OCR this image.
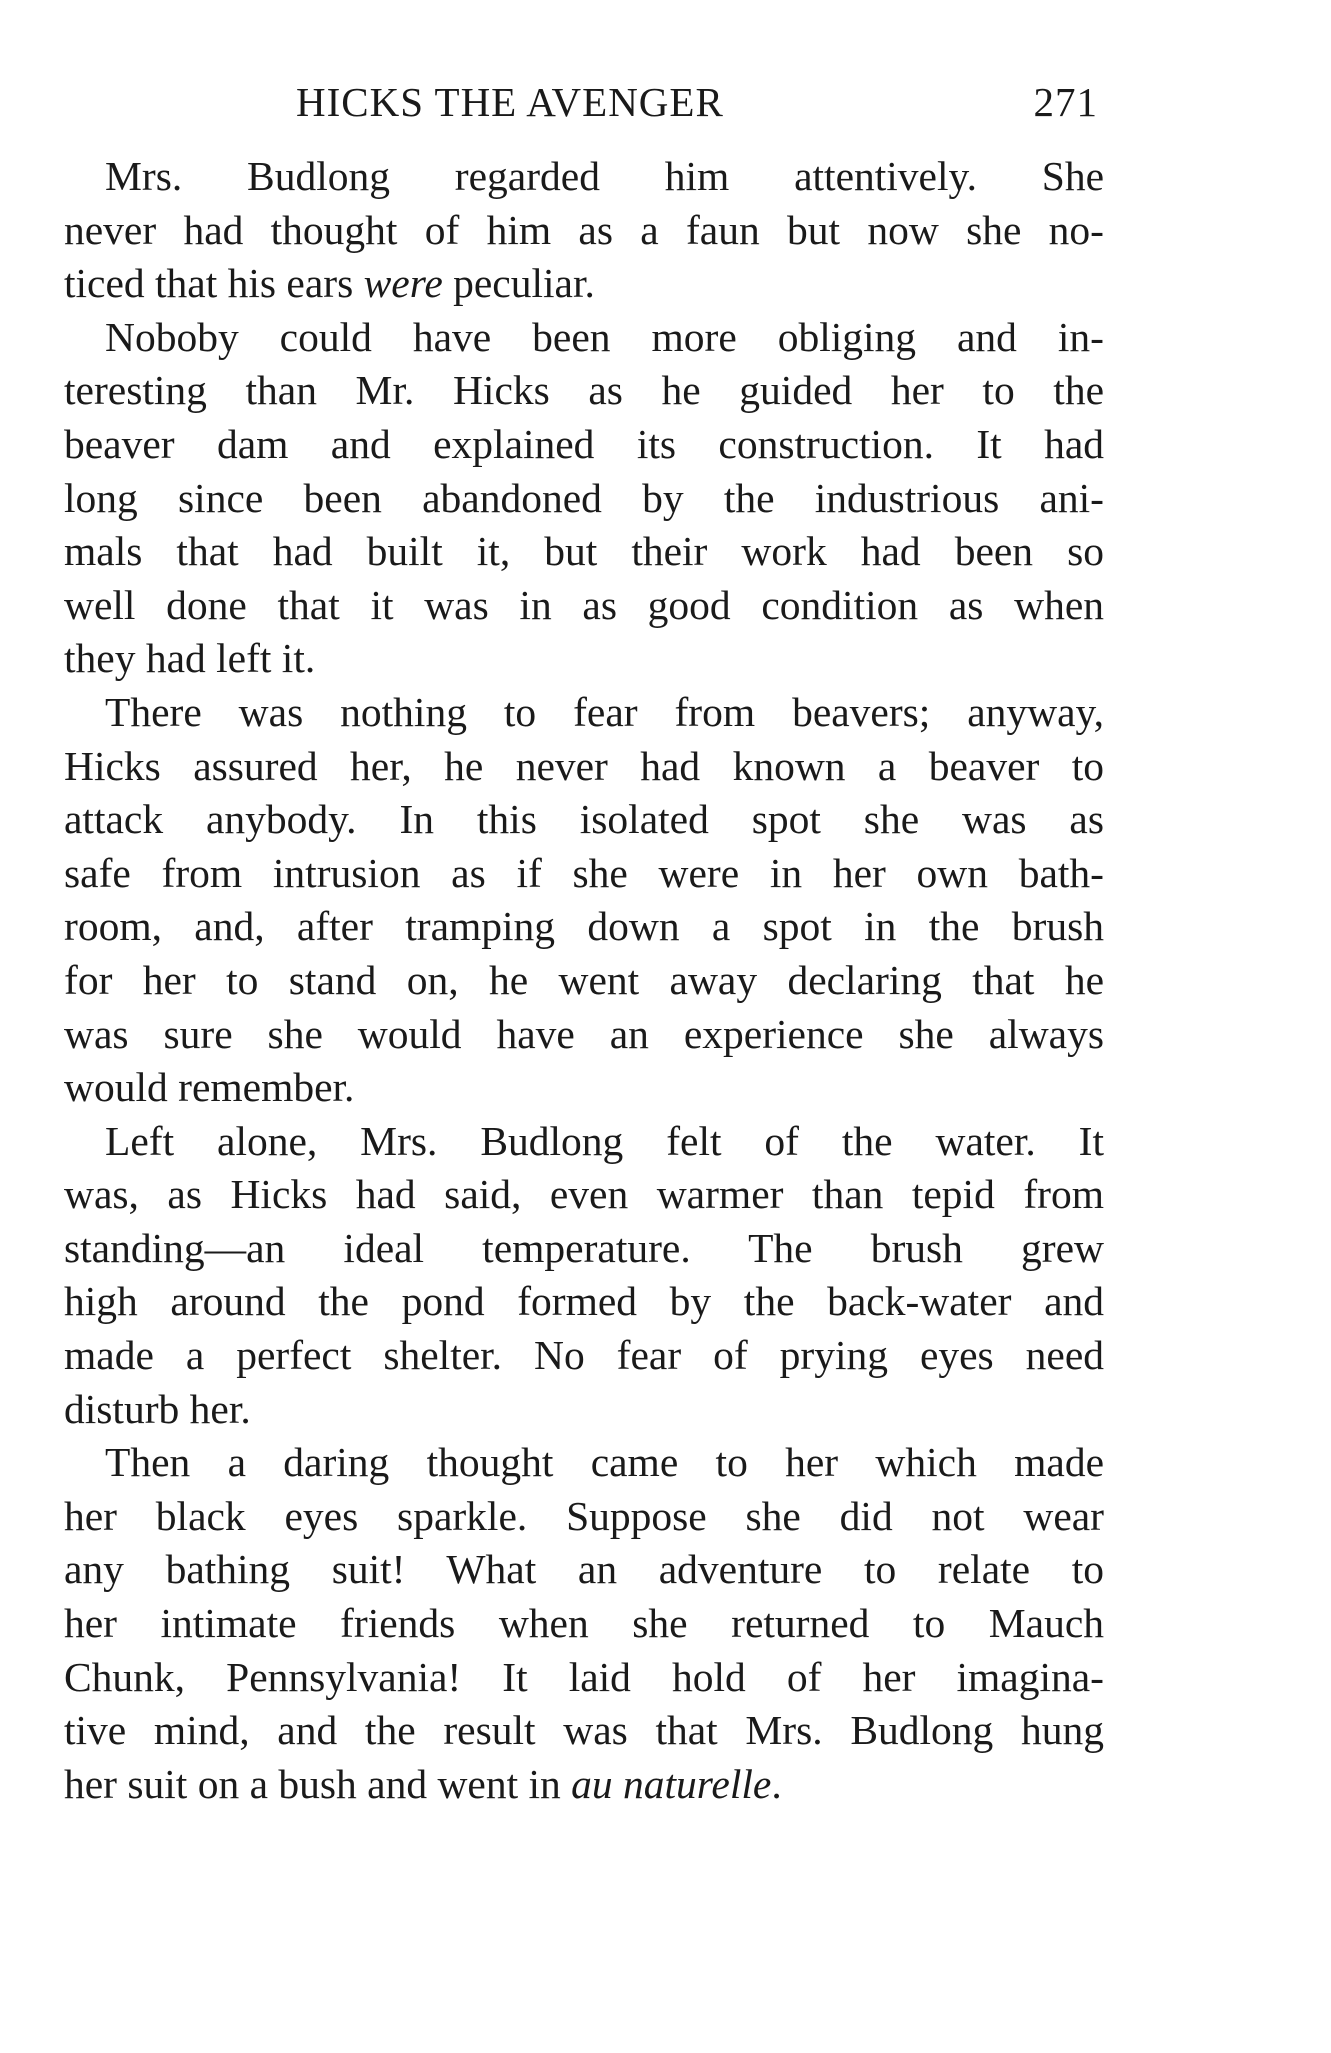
HICKS THE AVENGER	271
Mrs. Budlong regarded him attentively. She
never had thought of him as a faun but now she no-
ticed that his ears were peculiar.
Noboby could have been more obliging and in-
teresting than Mr. Hicks as he guided her to the
beaver dam and explained its construction. It had
long since been abandoned by the industrious ani-
mals that had built it, but their work had been so
well done that it was in as good condition as when
they had left it.
There was nothing to fear from beavers; anyway,
Hicks assured her, he never had known a beaver to
attack anybody. In this isolated spot she was as
safe from intrusion as if she were in her own bath-
room, and, after tramping down a spot in the brush
for her to stand on, he went away declaring that he
was sure she would have an experience she always
would remember.
Left alone, Mrs. Budlong felt of the water. It
was, as Hicks had said, even warmer than tepid from
standing—an ideal temperature. The brush grew
high around the pond formed by the back-water and
made a perfect shelter. No fear of prying eyes need
disturb her.
Then a daring thought came to her which made
her black eyes sparkle. Suppose she did not wear
any bathing suit! What an adventure to relate to
her intimate friends when she returned to Mauch
Chunk, Pennsylvania! It laid hold of her imagina-
tive mind, and the result was that Mrs. Budlong hung
her suit on a bush and went in au naturelle.
